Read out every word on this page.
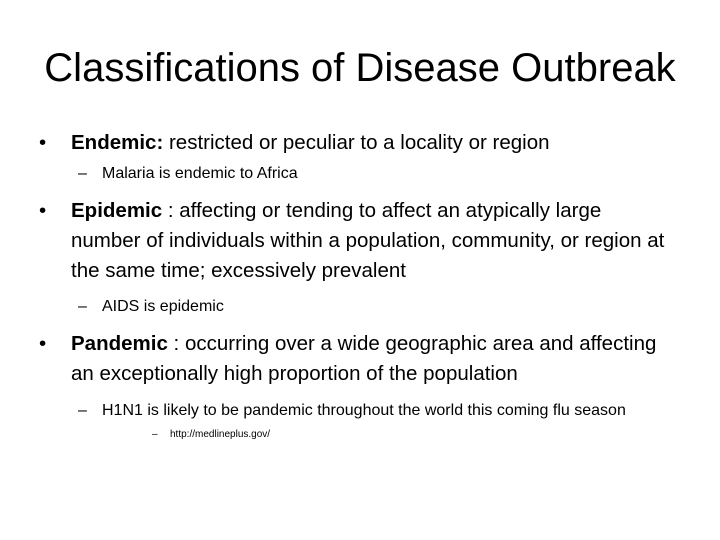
Classifications of Disease Outbreak
• Endemic: restricted or peculiar to a locality or region
– Malaria is endemic to Africa
• Epidemic : affecting or tending to affect an atypically large number of individuals within a population, community, or region at the same time; excessively prevalent
– AIDS is epidemic
• Pandemic : occurring over a wide geographic area and affecting an exceptionally high proportion of the population
– H1N1 is likely to be pandemic throughout the world this coming flu season
– http://medlineplus.gov/
